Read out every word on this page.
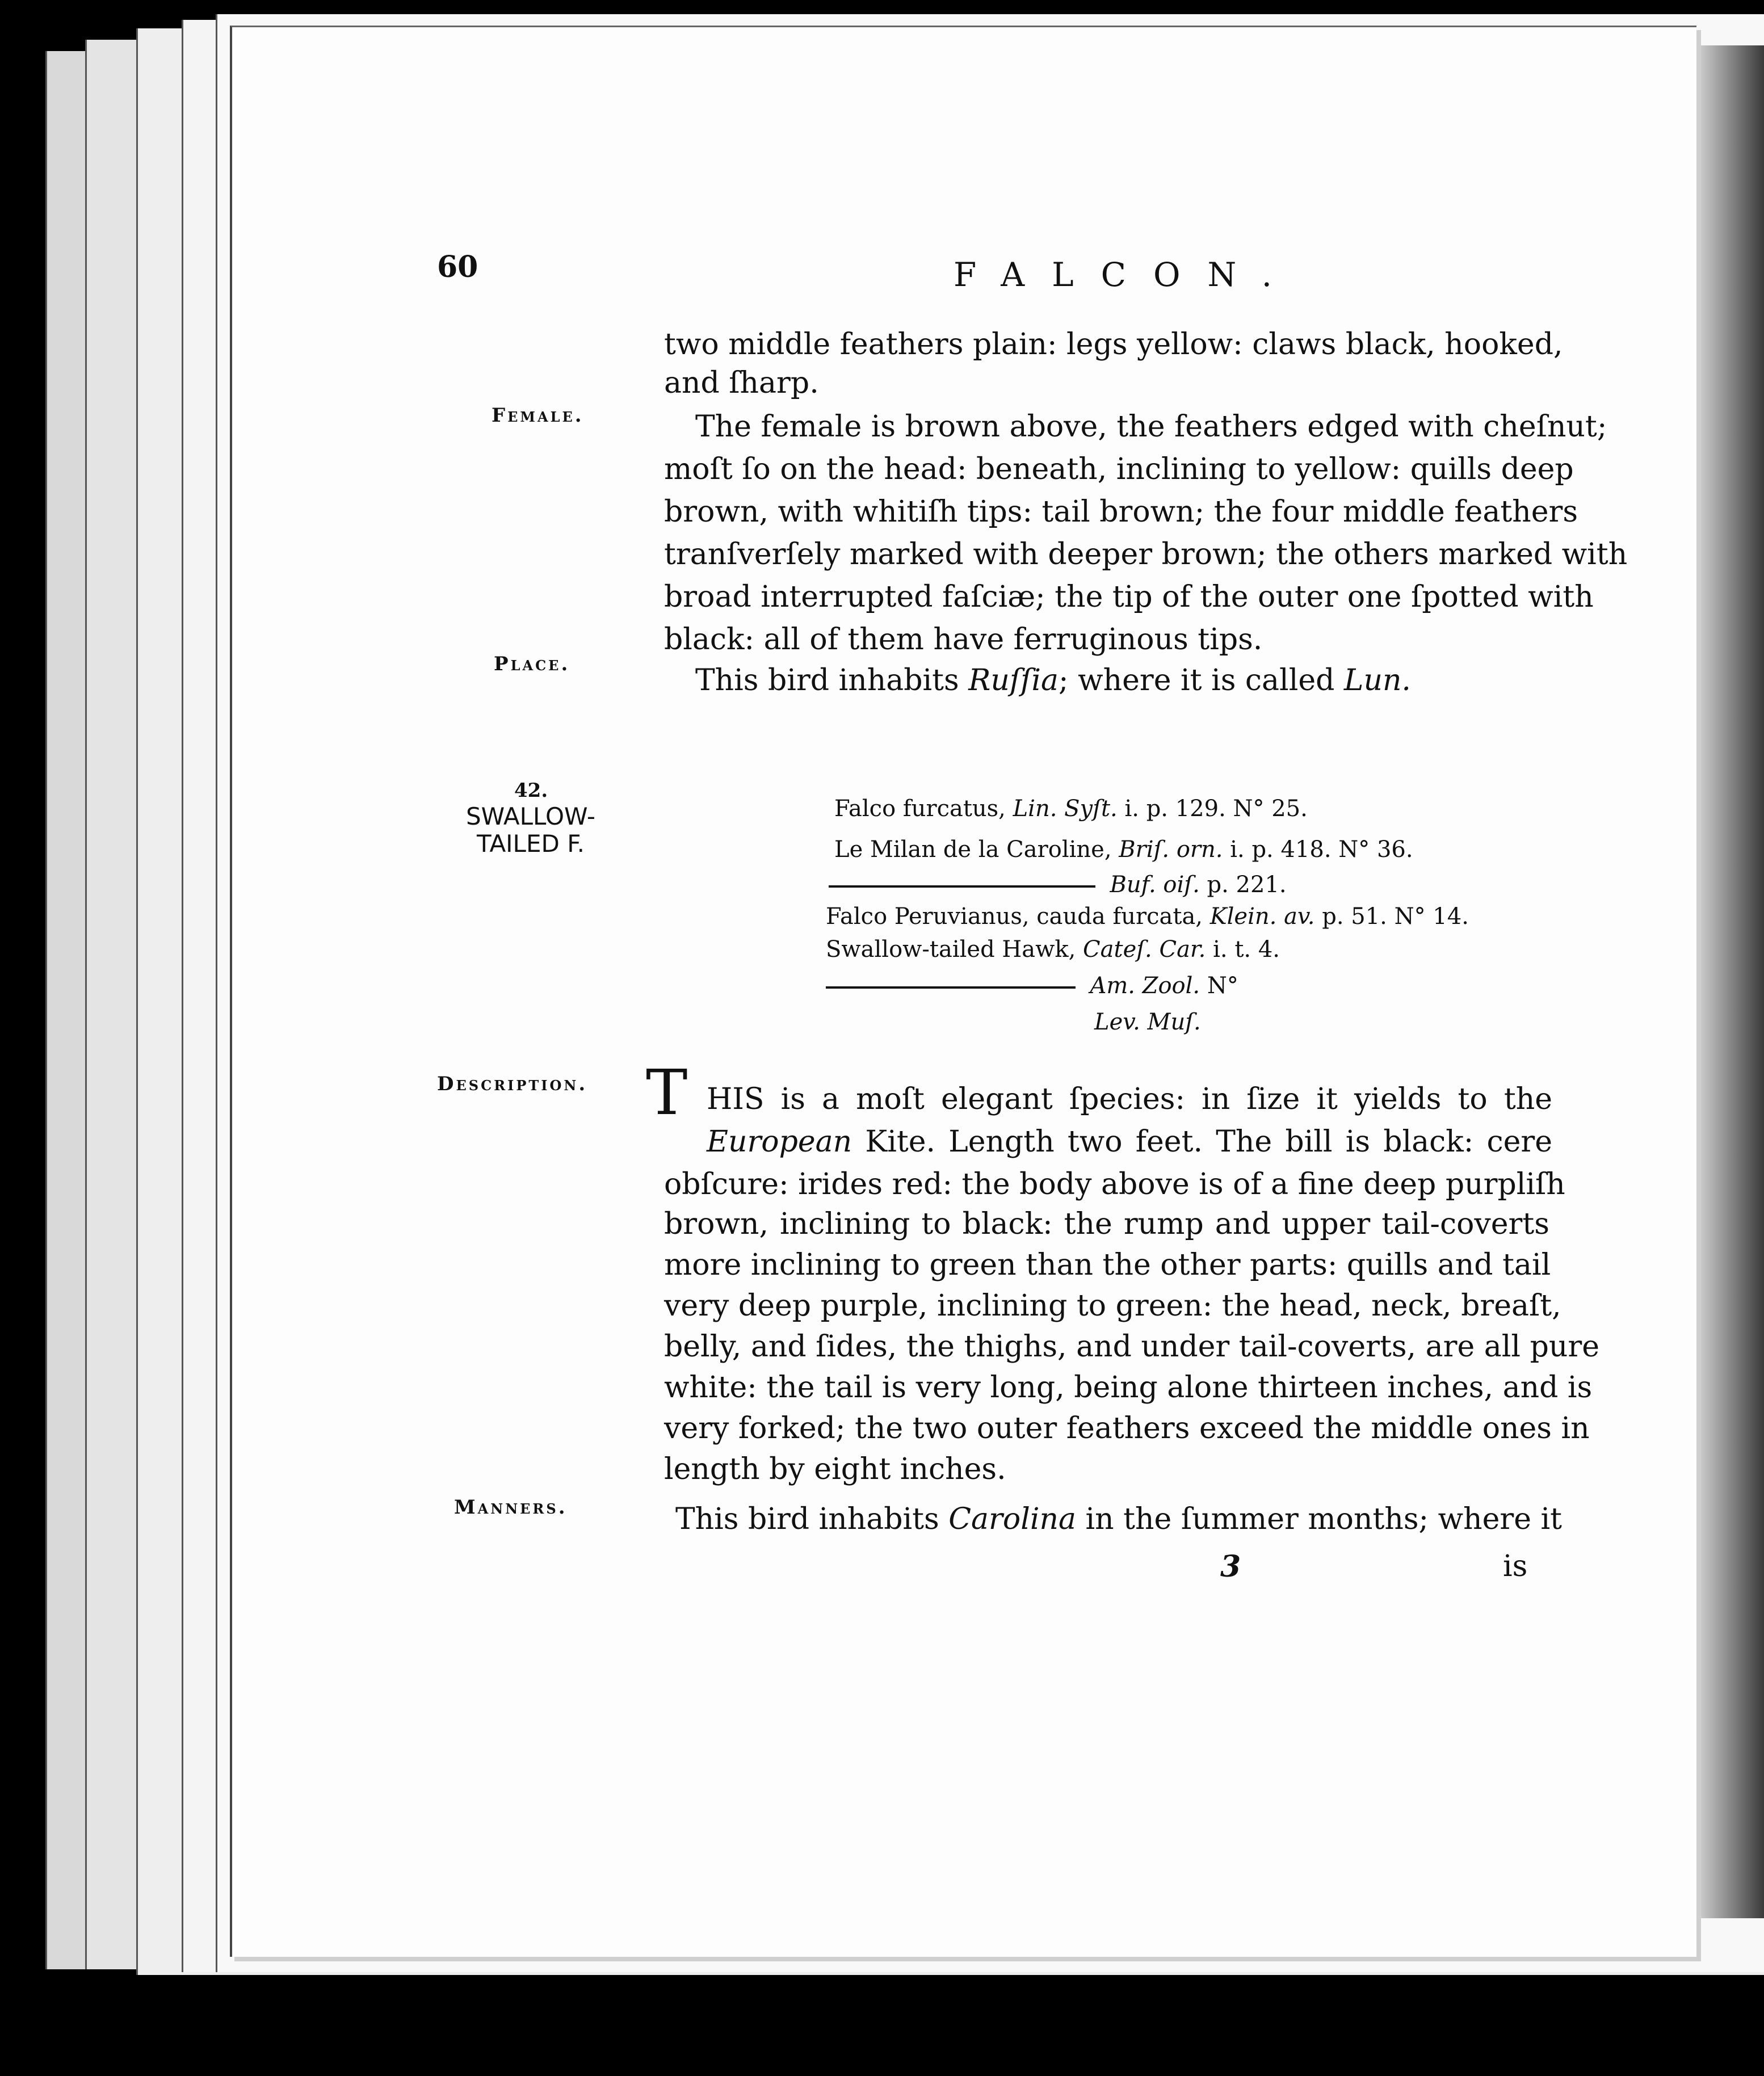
60	FALCON.
two middle feathers plain: legs yellow: claws black, hooked,
and ſharp.
Female.	The female is brown above, the feathers edged with cheſnut;
moſt ſo on the head: beneath, inclining to yellow: quills deep
brown, with whitiſh tips: tail brown; the four middle feathers
tranſverſely marked with deeper brown; the others marked with
broad interrupted faſciæ; the tip of the outer one ſpotted with
black: all of them have ferruginous tips.
Place.	This bird inhabits Ruſſia; where it is called Lun.
42.
SWALLOW-
TAILED F.
Falco furcatus, Lin. Syſt. i. p. 129. N° 25.
Le Milan de la Caroline, Briſ. orn. i. p. 418. N° 36.
Buf. oiſ. p. 221.
Falco Peruvianus, cauda furcata, Klein. av. p. 51. N° 14.
Swallow-tailed Hawk, Cateſ. Car. i. t. 4.
Am. Zool. N°
Lev. Muſ.
Description. T HIS is a moſt elegant ſpecies: in ſize it yields to the
European Kite. Length two feet. The bill is black: cere
obſcure: irides red: the body above is of a fine deep purpliſh
brown, inclining to black: the rump and upper tail-coverts
more inclining to green than the other parts: quills and tail
very deep purple, inclining to green: the head, neck, breaſt,
belly, and ſides, the thighs, and under tail-coverts, are all pure
white: the tail is very long, being alone thirteen inches, and is
very forked; the two outer feathers exceed the middle ones in
length by eight inches.
Manners.	This bird inhabits Carolina in the ſummer months; where it
3	is
